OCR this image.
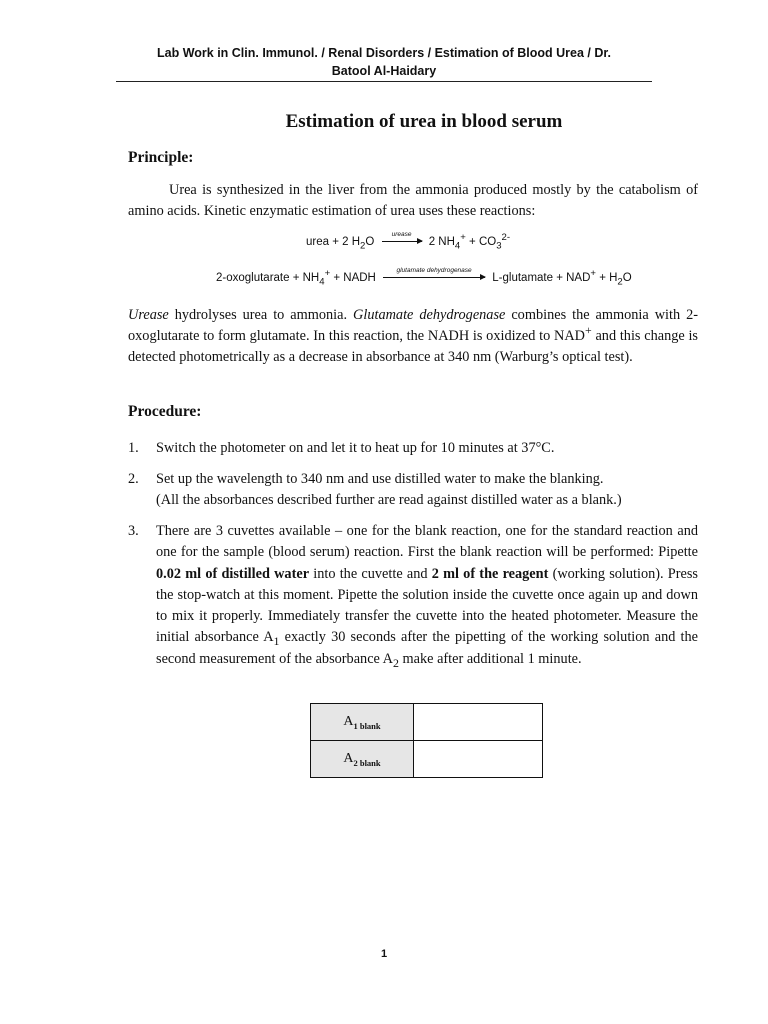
Lab Work in Clin. Immunol. / Renal Disorders / Estimation of Blood Urea / Dr.
Batool Al-Haidary
Estimation of urea in blood serum
Principle:
Urea is synthesized in the liver from the ammonia produced mostly by the catabolism of amino acids. Kinetic enzymatic estimation of urea uses these reactions:
urea + 2 $H_2O$
urease
2 $NH_4^+ + CO_3^{2-}$
2-oxoglutarate + $NH_4^+$ + NADH
glutamate dehydrogenase
L-glutamate + $NAD^+ + H_2O$
Urease hydrolyses urea to ammonia. Glutamate dehydrogenase combines the ammonia with 2-oxoglutarate to form glutamate. In this reaction, the NADH is oxidized to NAD+ and this change is detected photometrically as a decrease in absorbance at 340 nm (Warburg’s optical test).
Procedure:
1. Switch the photometer on and let it to heat up for 10 minutes at 37°C.
2. Set up the wavelength to 340 nm and use distilled water to make the blanking.
(All the absorbances described further are read against distilled water as a blank.)
3. There are 3 cuvettes available – one for the blank reaction, one for the standard reaction and one for the sample (blood serum) reaction. First the blank reaction will be performed: Pipette 0.02 ml of distilled water into the cuvette and 2 ml of the reagent (working solution). Press the stop-watch at this moment. Pipette the solution inside the cuvette once again up and down to mix it properly. Immediately transfer the cuvette into the heated photometer. Measure the initial absorbance $A_1$ exactly 30 seconds after the pipetting of the working solution and the second measurement of the absorbance $A_2$ make after additional 1 minute.
$A_{1 blank}$	
$A_{2 blank}$	
1
